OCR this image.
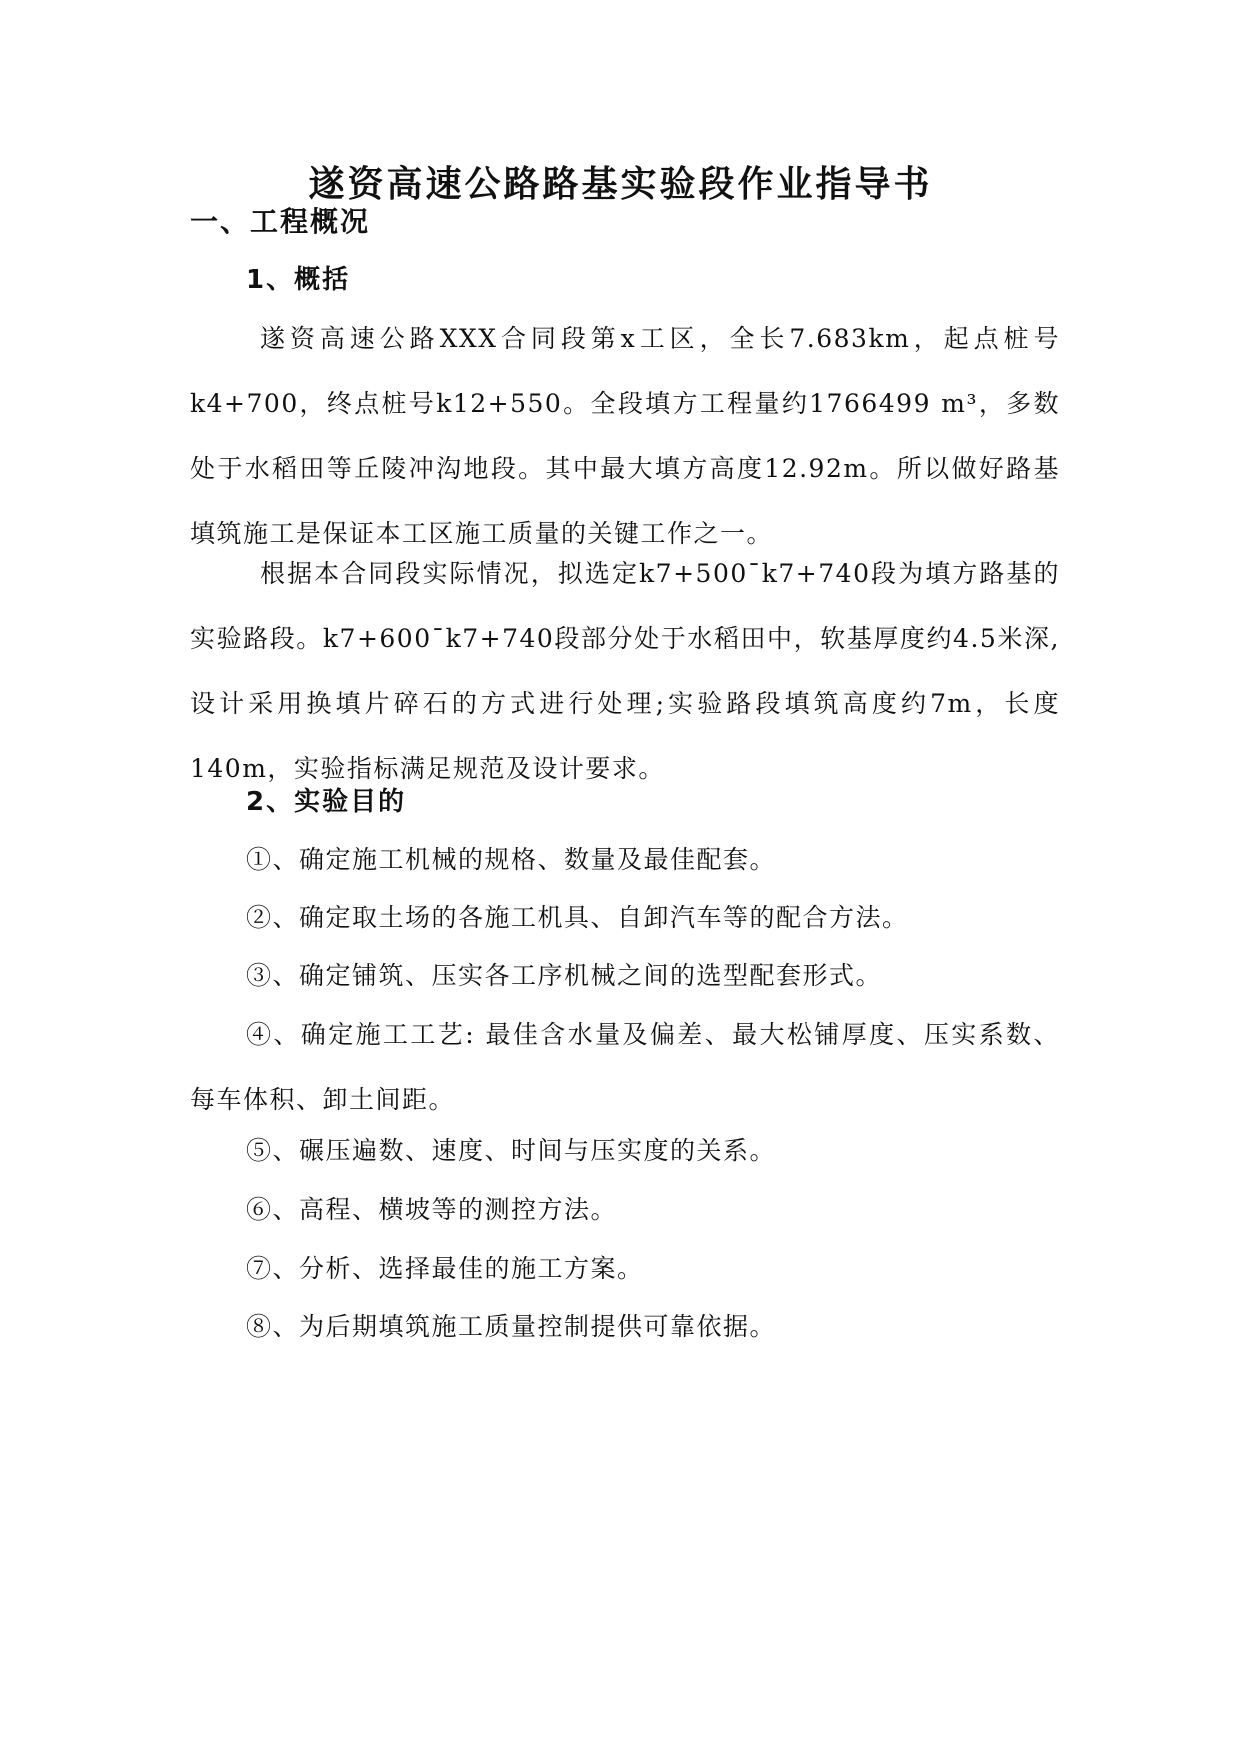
遂资高速公路路基实验段作业指导书
一、工程概况
1、概括

遂资高速公路XXX合同段第x工区，全长7.683km，起点桩号k4+700，终点桩号k12+550。全段填方工程量约1766499 m³，多数处于水稻田等丘陵冲沟地段。其中最大填方高度12.92m。所以做好路基填筑施工是保证本工区施工质量的关键工作之一。

根据本合同段实际情况，拟选定k7+500¯k7+740段为填方路基的实验路段。k7+600¯k7+740段部分处于水稻田中，软基厚度约4.5米深,设计采用换填片碎石的方式进行处理;实验路段填筑高度约7m，长度140m，实验指标满足规范及设计要求。

2、实验目的

①、确定施工机械的规格、数量及最佳配套。

②、确定取土场的各施工机具、自卸汽车等的配合方法。

③、确定铺筑、压实各工序机械之间的选型配套形式。

④、确定施工工艺: 最佳含水量及偏差、最大松铺厚度、压实系数、每车体积、卸土间距。

⑤、碾压遍数、速度、时间与压实度的关系。

⑥、高程、横坡等的测控方法。

⑦、分析、选择最佳的施工方案。

⑧、为后期填筑施工质量控制提供可靠依据。
